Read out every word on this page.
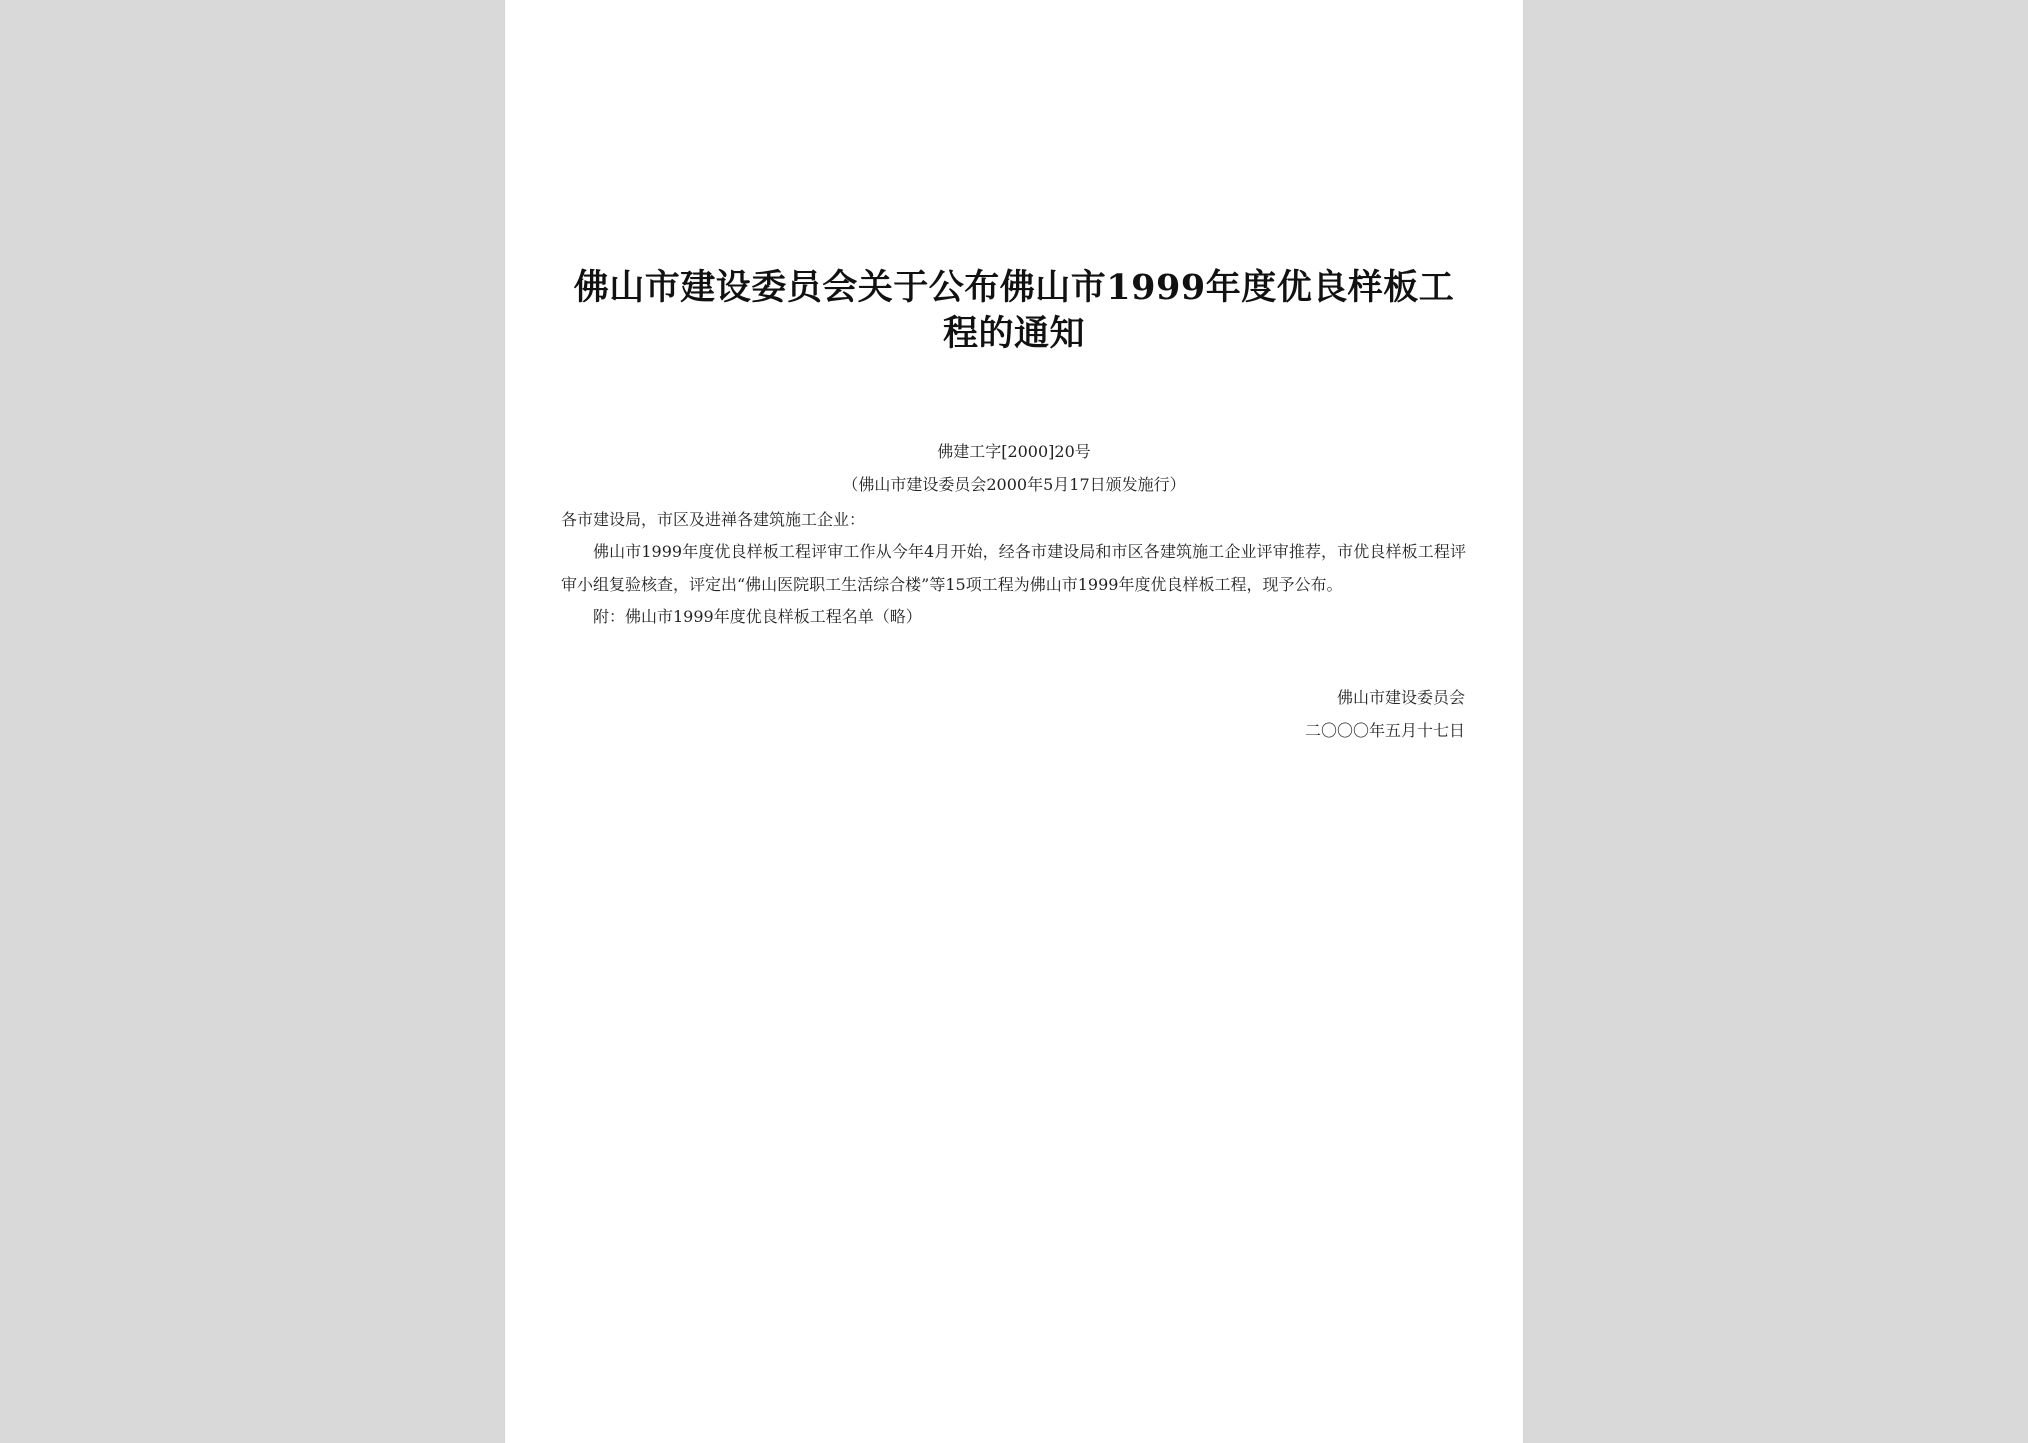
佛山市建设委员会关于公布佛山市1999年度优良样板工程的通知
佛建工字[2000]20号
（佛山市建设委员会2000年5月17日颁发施行）
各市建设局，市区及进禅各建筑施工企业：
佛山市1999年度优良样板工程评审工作从今年4月开始，经各市建设局和市区各建筑施工企业评审推荐，市优良样板工程评审小组复验核查，评定出“佛山医院职工生活综合楼”等15项工程为佛山市1999年度优良样板工程，现予公布。
附：佛山市1999年度优良样板工程名单（略）
佛山市建设委员会
二〇〇〇年五月十七日
